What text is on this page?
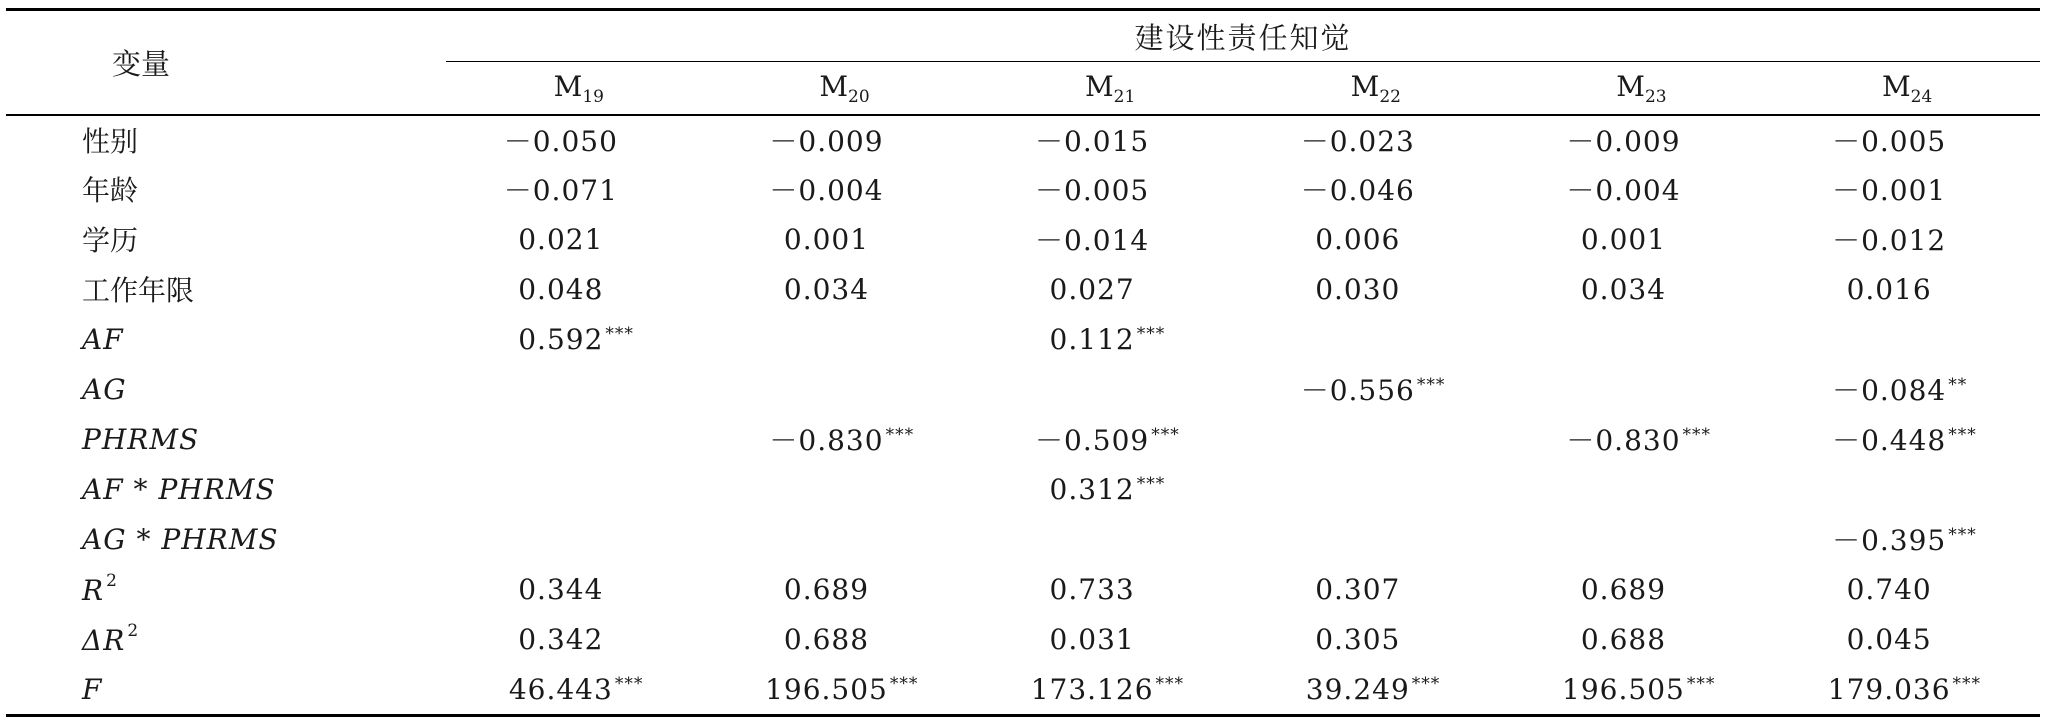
变量	建设性责任知觉					
	$M_{19}$	$M_{20}$	$M_{21}$	$M_{22}$	$M_{23}$	$M_{24}$
性别	－0.050	－0.009	－0.015	－0.023	－0.009	－0.005
年龄	－0.071	－0.004	－0.005	－0.046	－0.004	－0.001
学历	0.021	0.001	－0.014	0.006	0.001	－0.012
工作年限	0.048	0.034	0.027	0.030	0.034	0.016
AF	0.592 ***		0.112 ***			
AG				－0.556 ***		－0.084 **
PHRMS		－0.830 ***	－0.509 ***		－0.830 ***	－0.448 ***
AF * PHRMS			0.312 ***			
AG * PHRMS						－0.395 ***
R $^2$	0.344	0.689	0.733	0.307	0.689	0.740
ΔR $^2$	0.342	0.688	0.031	0.305	0.688	0.045
F	46.443 ***	196.505 ***	173.126 ***	39.249 ***	196.505 ***	179.036 ***
